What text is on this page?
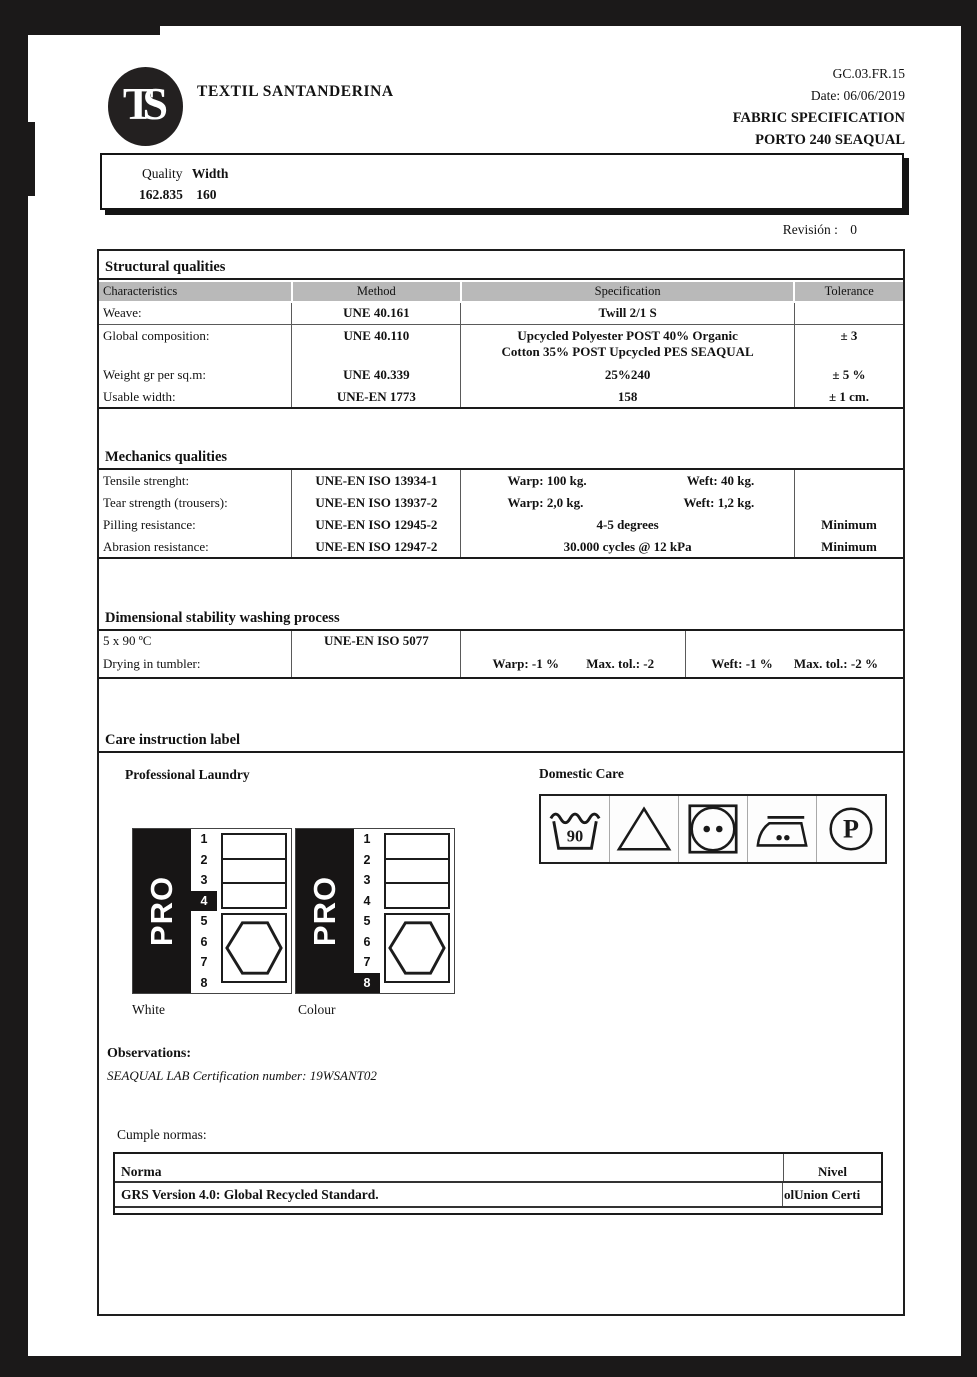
TS	TEXTIL SANTANDERINA
GC.03.FR.15
Date: 06/06/2019
FABRIC SPECIFICATION
PORTO 240 SEAQUAL
Quality Width
162.835 160
Revisión : 0
Structural qualities
Characteristics	Method	Specification	Tolerance
Weave:	UNE 40.161	Twill 2/1 S	
Global composition:	UNE 40.110	Upcycled Polyester POST 40% Organic
Cotton 35% POST Upcycled PES SEAQUAL	± 3
Weight gr per sq.m:	UNE 40.339	25%240	± 5 %
Usable width:	UNE-EN 1773	158	± 1 cm.
Mechanics qualities
Tensile strenght:	UNE-EN ISO 13934-1	Warp: 100 kg. Weft: 40 kg.	

Tear strength (trousers):	UNE-EN ISO 13937-2	Warp: 2,0 kg. Weft: 1,2 kg.	

Pilling resistance:	UNE-EN ISO 12945-2	4-5 degrees	Minimum
Abrasion resistance:	UNE-EN ISO 12947-2	30.000 cycles @ 12 kPa	Minimum
Dimensional stability washing process
5 x 90 ºC	UNE-EN ISO 5077		
Drying in tumbler:		Warp: -1 % Max. tol.: -2	Weft: -1 % Max. tol.: -2 %
Care instruction label
Professional Laundry	Domestic Care
90	P
PRO
1
2
3
4
5
6
7
8
PRO
1
2
3
4
5
6
7
8
White	Colour
Observations:
SEAQUAL LAB Certification number: 19WSANT02
Cumple normas:
Norma	Nivel
GRS Version 4.0: Global Recycled Standard.	olUnion Certi
